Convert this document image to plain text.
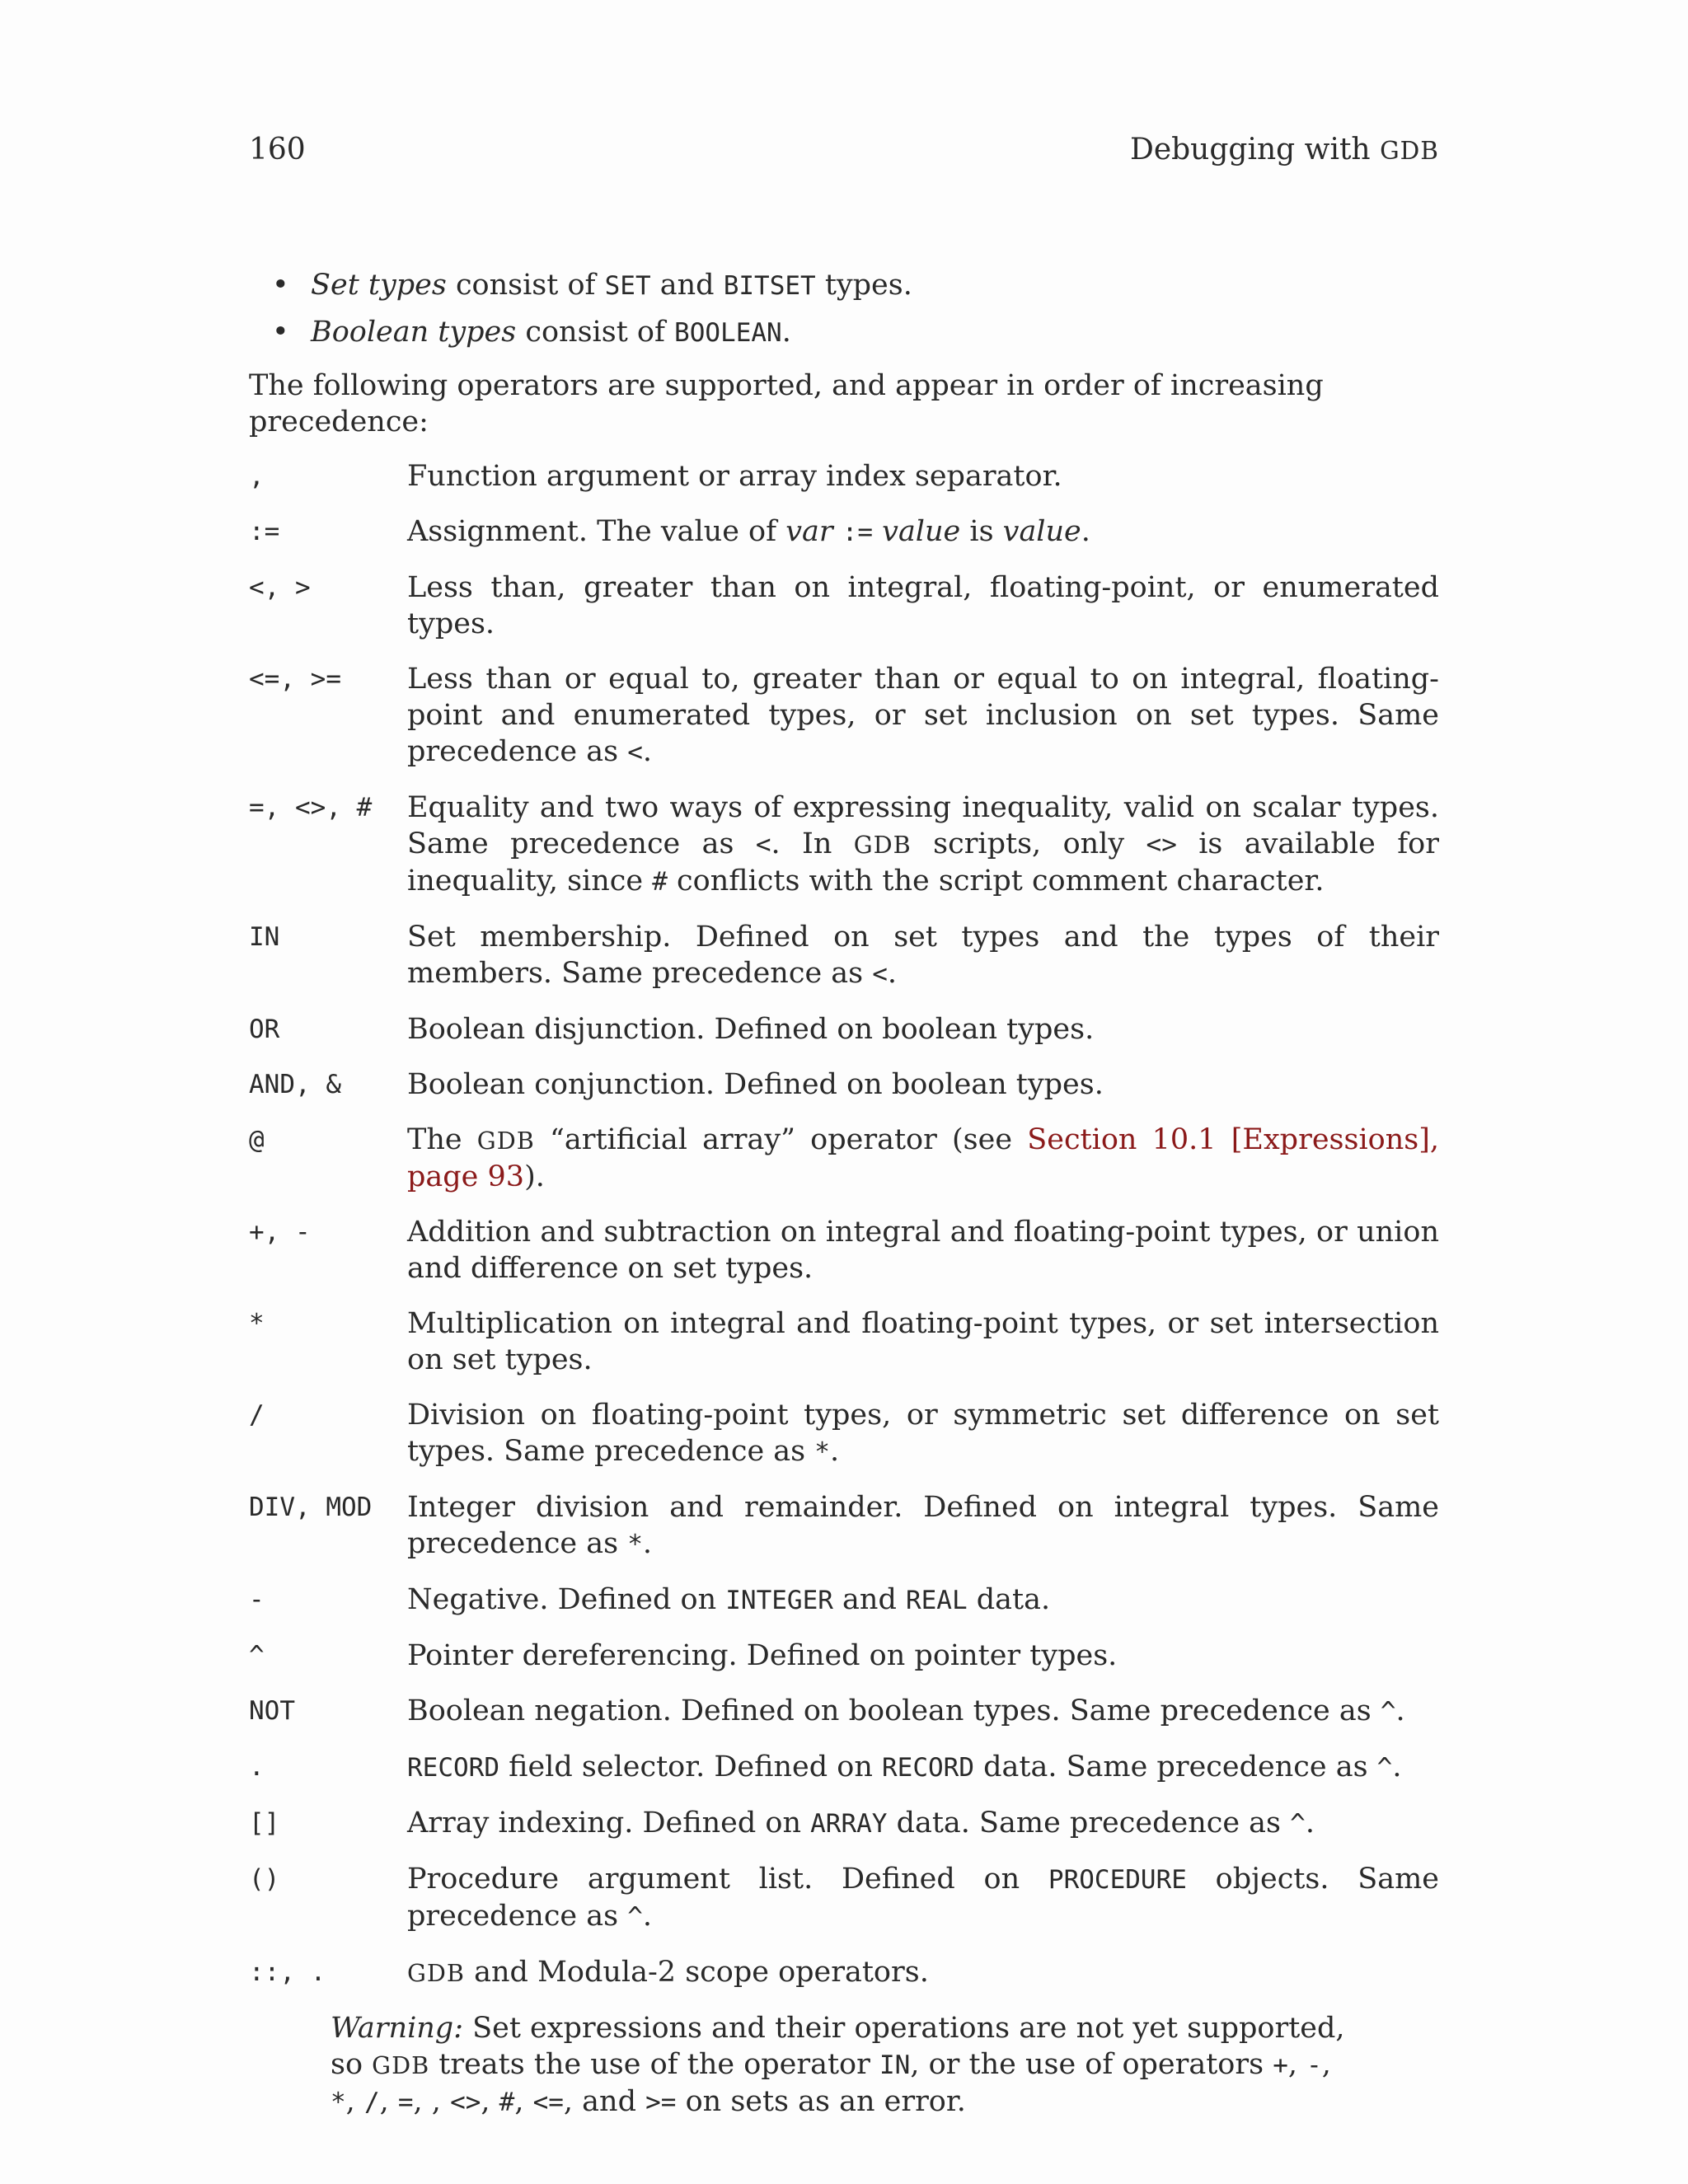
160	Debugging with GDB
• Set types consist of SET and BITSET types.
• Boolean types consist of BOOLEAN.

The following operators are supported, and appear in order of increasing precedence:

,	Function argument or array index separator.
:=	Assignment. The value of var := value is value.
<, >	Less than, greater than on integral, floating-point, or enumerated types.
<=, >=	Less than or equal to, greater than or equal to on integral, floating-point and enumerated types, or set inclusion on set types. Same precedence as <.
=, <>, #	Equality and two ways of expressing inequality, valid on scalar types. Same precedence as <. In GDB scripts, only <> is available for inequality, since # conflicts with the script comment character.
IN	Set membership. Defined on set types and the types of their members. Same precedence as <.
OR	Boolean disjunction. Defined on boolean types.
AND, &	Boolean conjunction. Defined on boolean types.
@	The GDB “artificial array” operator (see Section 10.1 [Expressions], page 93).
+, -	Addition and subtraction on integral and floating-point types, or union and difference on set types.
*	Multiplication on integral and floating-point types, or set intersection on set types.
/	Division on floating-point types, or symmetric set difference on set types. Same precedence as *.
DIV, MOD	Integer division and remainder. Defined on integral types. Same precedence as *.
-	Negative. Defined on INTEGER and REAL data.
^	Pointer dereferencing. Defined on pointer types.
NOT	Boolean negation. Defined on boolean types. Same precedence as ^.
.	RECORD field selector. Defined on RECORD data. Same precedence as ^.
[]	Array indexing. Defined on ARRAY data. Same precedence as ^.
()	Procedure argument list. Defined on PROCEDURE objects. Same precedence as ^.
::, .	GDB and Modula-2 scope operators.
Warning: Set expressions and their operations are not yet supported, so GDB treats the use of the operator IN, or the use of operators +, -, *, /, =, , <>, #, <=, and >= on sets as an error.
